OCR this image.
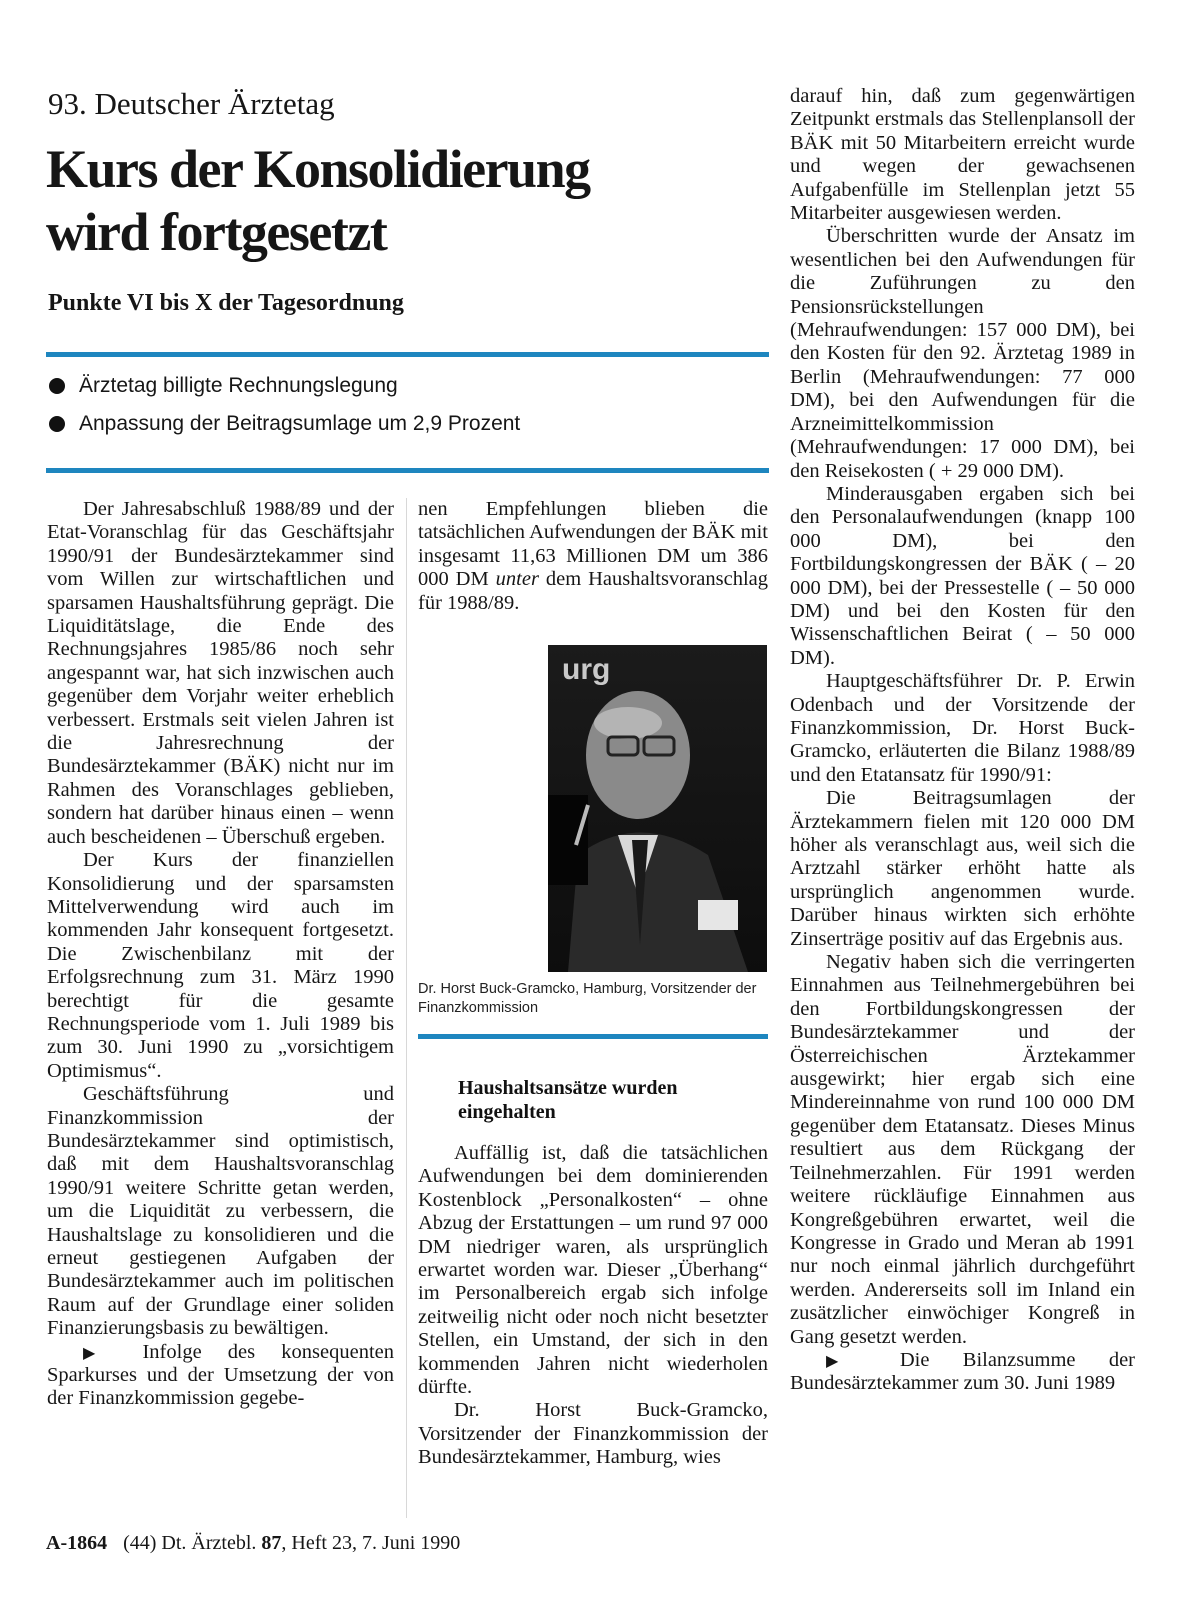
93. Deutscher Ärztetag
Kurs der Konsolidierung
wird fortgesetzt
Punkte VI bis X der Tagesordnung
Ärztetag billigte Rechnungslegung
Anpassung der Beitragsumlage um 2,9 Prozent

Der Jahresabschluß 1988/89 und der Etat-Voranschlag für das Geschäftsjahr 1990/91 der Bundesärztekammer sind vom Willen zur wirtschaftlichen und sparsamen Haushaltsführung geprägt. Die Liquiditätslage, die Ende des Rechnungsjahres 1985/86 noch sehr angespannt war, hat sich inzwischen auch gegenüber dem Vorjahr weiter erheblich verbessert. Erstmals seit vielen Jahren ist die Jahresrechnung der Bundesärztekammer (BÄK) nicht nur im Rahmen des Voranschlages geblieben, sondern hat darüber hinaus einen – wenn auch bescheidenen – Überschuß ergeben.

Der Kurs der finanziellen Konsolidierung und der sparsamsten Mittelverwendung wird auch im kommenden Jahr konsequent fortgesetzt. Die Zwischenbilanz mit der Erfolgsrechnung zum 31. März 1990 berechtigt für die gesamte Rechnungsperiode vom 1. Juli 1989 bis zum 30. Juni 1990 zu „vorsichtigem Optimismus“.

Geschäftsführung und Finanzkommission der Bundesärztekammer sind optimistisch, daß mit dem Haushaltsvoranschlag 1990/91 weitere Schritte getan werden, um die Liquidität zu verbessern, die Haushaltslage zu konsolidieren und die erneut gestiegenen Aufgaben der Bundesärztekammer auch im politischen Raum auf der Grundlage einer soliden Finanzierungsbasis zu bewältigen.

▶ Infolge des konsequenten Sparkurses und der Umsetzung der von der Finanzkommission gegebe-

nen Empfehlungen blieben die tatsächlichen Aufwendungen der BÄK mit insgesamt 11,63 Millionen DM um 386 000 DM unter dem Haushaltsvoranschlag für 1988/89.

urg
Dr. Horst Buck-Gramcko, Hamburg, Vorsitzender der Finanzkommission
Haushaltsansätze wurden eingehalten

Auffällig ist, daß die tatsächlichen Aufwendungen bei dem dominierenden Kostenblock „Personalkosten“ – ohne Abzug der Erstattungen – um rund 97 000 DM niedriger waren, als ursprünglich erwartet worden war. Dieser „Überhang“ im Personalbereich ergab sich infolge zeitweilig nicht oder noch nicht besetzter Stellen, ein Umstand, der sich in den kommenden Jahren nicht wiederholen dürfte.

Dr. Horst Buck-Gramcko, Vorsitzender der Finanzkommission der Bundesärztekammer, Hamburg, wies

darauf hin, daß zum gegenwärtigen Zeitpunkt erstmals das Stellenplansoll der BÄK mit 50 Mitarbeitern erreicht wurde und wegen der gewachsenen Aufgabenfülle im Stellenplan jetzt 55 Mitarbeiter ausgewiesen werden.

Überschritten wurde der Ansatz im wesentlichen bei den Aufwendungen für die Zuführungen zu den Pensionsrückstellungen (Mehraufwendungen: 157 000 DM), bei den Kosten für den 92. Ärztetag 1989 in Berlin (Mehraufwendungen: 77 000 DM), bei den Aufwendungen für die Arzneimittelkommission (Mehraufwendungen: 17 000 DM), bei den Reisekosten ( + 29 000 DM).

Minderausgaben ergaben sich bei den Personalaufwendungen (knapp 100 000 DM), bei den Fortbildungskongressen der BÄK ( – 20 000 DM), bei der Pressestelle ( – 50 000 DM) und bei den Kosten für den Wissenschaftlichen Beirat ( – 50 000 DM).

Hauptgeschäftsführer Dr. P. Erwin Odenbach und der Vorsitzende der Finanzkommission, Dr. Horst Buck-Gramcko, erläuterten die Bilanz 1988/89 und den Etatansatz für 1990/91:

Die Beitragsumlagen der Ärztekammern fielen mit 120 000 DM höher als veranschlagt aus, weil sich die Arztzahl stärker erhöht hatte als ursprünglich angenommen wurde. Darüber hinaus wirkten sich erhöhte Zinserträge positiv auf das Ergebnis aus.

Negativ haben sich die verringerten Einnahmen aus Teilnehmergebühren bei den Fortbildungskongressen der Bundesärztekammer und der Österreichischen Ärztekammer ausgewirkt; hier ergab sich eine Mindereinnahme von rund 100 000 DM gegenüber dem Etatansatz. Dieses Minus resultiert aus dem Rückgang der Teilnehmerzahlen. Für 1991 werden weitere rückläufige Einnahmen aus Kongreßgebühren erwartet, weil die Kongresse in Grado und Meran ab 1991 nur noch einmal jährlich durchgeführt werden. Andererseits soll im Inland ein zusätzlicher einwöchiger Kongreß in Gang gesetzt werden.

▶ Die Bilanzsumme der Bundesärztekammer zum 30. Juni 1989

A-1864 (44) Dt. Ärztebl. 87, Heft 23, 7. Juni 1990
